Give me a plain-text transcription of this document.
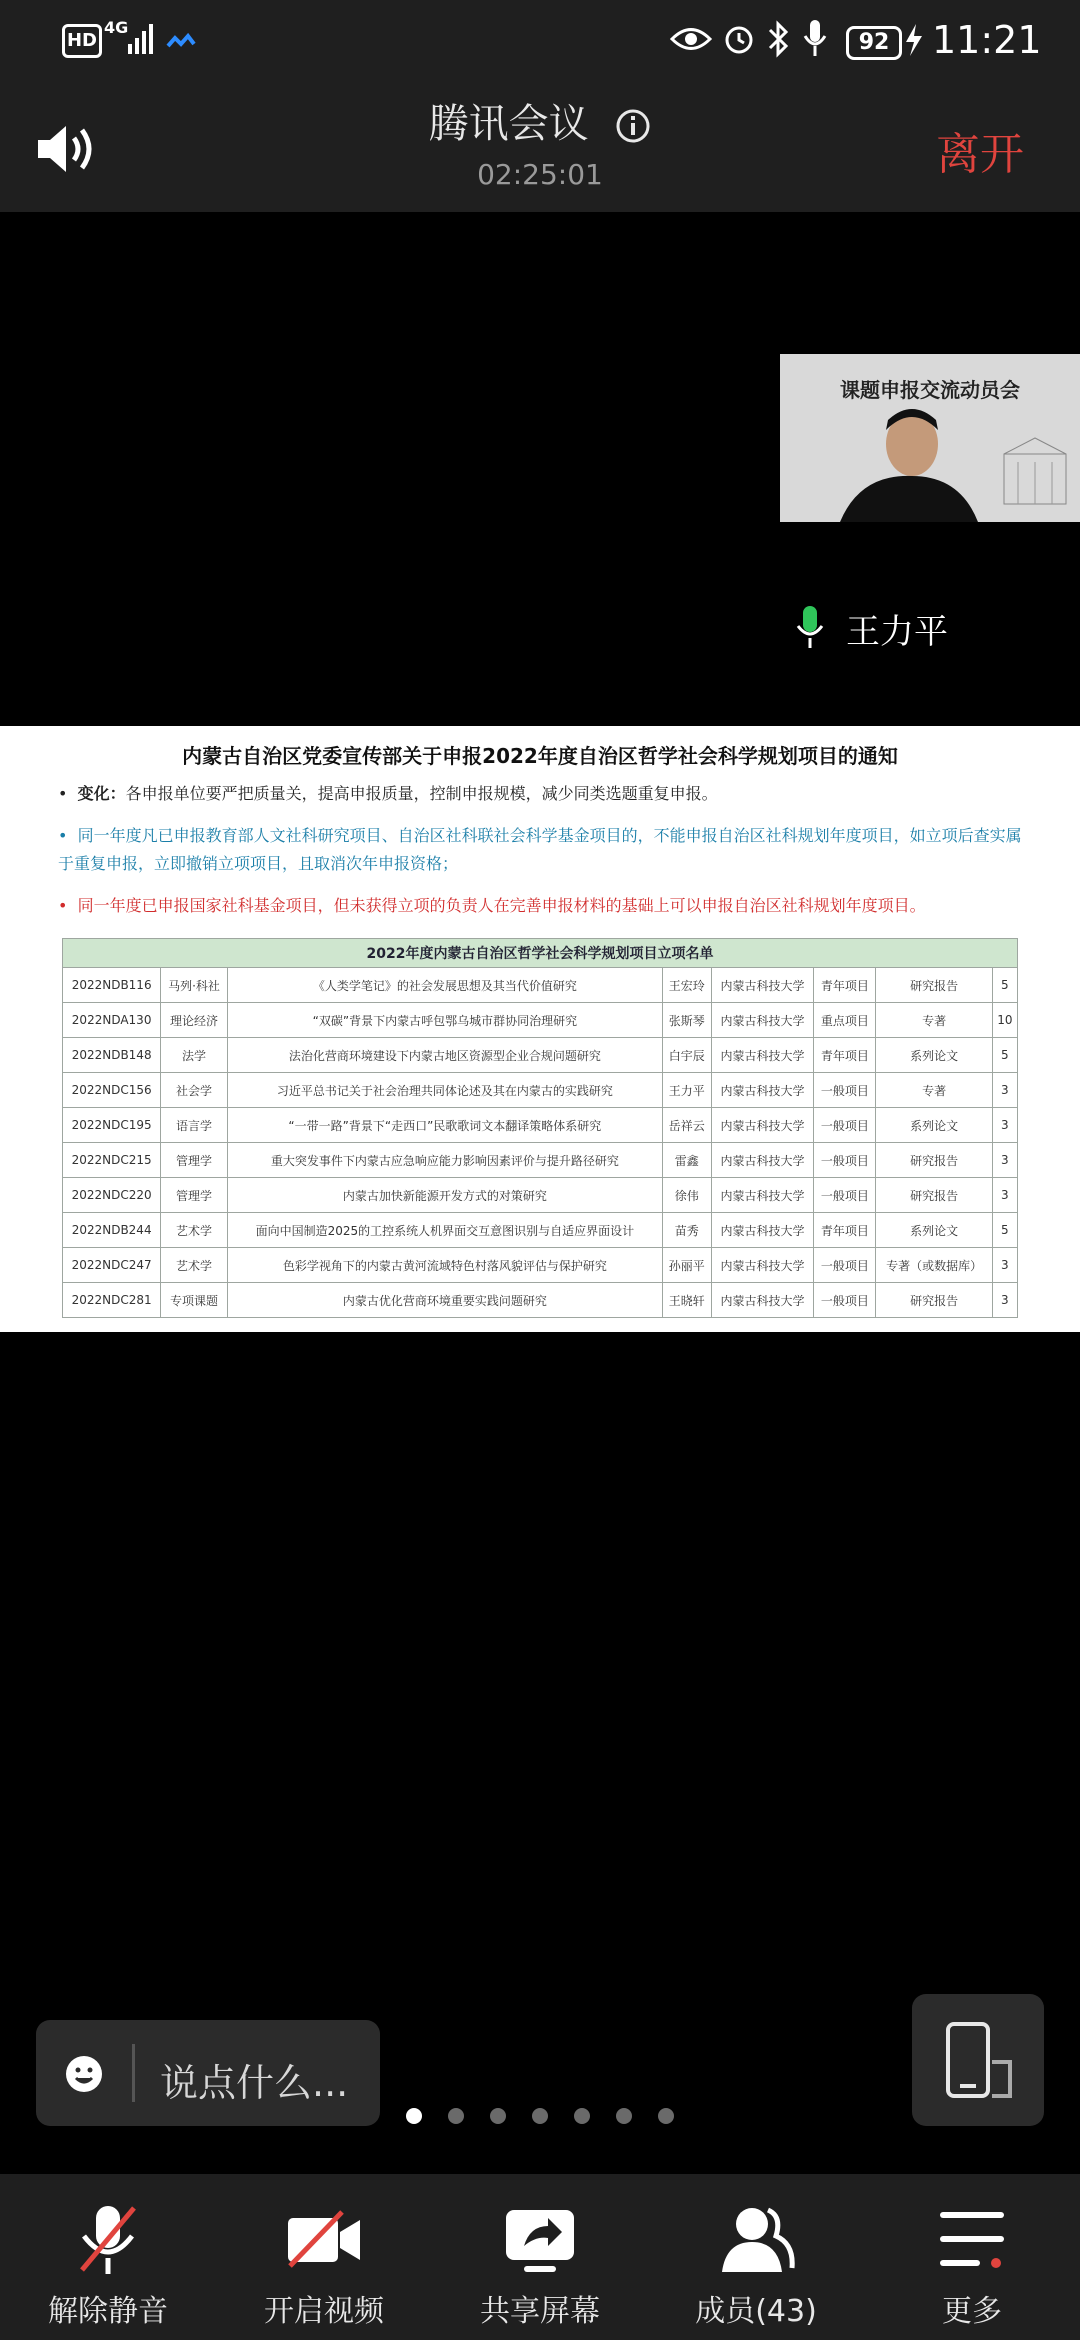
HD
4G
92	11:21
腾讯会议
02:25:01	离开
课题申报交流动员会
王力平
内蒙古自治区党委宣传部关于申报2022年度自治区哲学社会科学规划项目的通知
•  变化：各申报单位要严把质量关，提高申报质量，控制申报规模，减少同类选题重复申报。
•  同一年度凡已申报教育部人文社科研究项目、自治区社科联社会科学基金项目的，不能申报自治区社科规划年度项目，如立项后查实属于重复申报，立即撤销立项项目，且取消次年申报资格；
•  同一年度已申报国家社科基金项目，但未获得立项的负责人在完善申报材料的基础上可以申报自治区社科规划年度项目。
2022年度内蒙古自治区哲学社会科学规划项目立项名单							
2022NDB116	马列·科社	《人类学笔记》的社会发展思想及其当代价值研究	王宏玲	内蒙古科技大学	青年项目	研究报告	5
2022NDA130	理论经济	“双碳”背景下内蒙古呼包鄂乌城市群协同治理研究	张斯琴	内蒙古科技大学	重点项目	专著	10
2022NDB148	法学	法治化营商环境建设下内蒙古地区资源型企业合规问题研究	白宇辰	内蒙古科技大学	青年项目	系列论文	5
2022NDC156	社会学	习近平总书记关于社会治理共同体论述及其在内蒙古的实践研究	王力平	内蒙古科技大学	一般项目	专著	3
2022NDC195	语言学	“一带一路”背景下“走西口”民歌歌词文本翻译策略体系研究	岳祥云	内蒙古科技大学	一般项目	系列论文	3
2022NDC215	管理学	重大突发事件下内蒙古应急响应能力影响因素评价与提升路径研究	雷鑫	内蒙古科技大学	一般项目	研究报告	3
2022NDC220	管理学	内蒙古加快新能源开发方式的对策研究	徐伟	内蒙古科技大学	一般项目	研究报告	3
2022NDB244	艺术学	面向中国制造2025的工控系统人机界面交互意图识别与自适应界面设计	苗秀	内蒙古科技大学	青年项目	系列论文	5
2022NDC247	艺术学	色彩学视角下的内蒙古黄河流域特色村落风貌评估与保护研究	孙丽平	内蒙古科技大学	一般项目	专著（或数据库）	3
2022NDC281	专项课题	内蒙古优化营商环境重要实践问题研究	王晓轩	内蒙古科技大学	一般项目	研究报告	3
说点什么...
解除静音	开启视频	共享屏幕	成员(43)	更多
